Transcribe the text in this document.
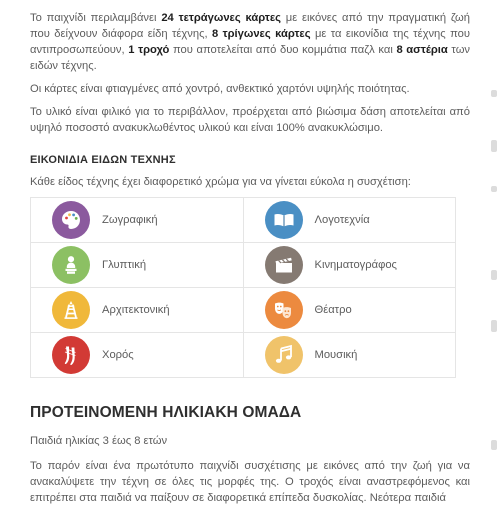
Το παιχνίδι περιλαμβάνει 24 τετράγωνες κάρτες με εικόνες από την πραγματική ζωή που δείχνουν διάφορα είδη τέχνης, 8 τρίγωνες κάρτες με τα εικονίδια της τέχνης που αντιπροσωπεύουν, 1 τροχό που αποτελείται από δυο κομμάτια παζλ και 8 αστέρια των ειδών τέχνης.

Οι κάρτες είναι φτιαγμένες από χοντρό, ανθεκτικό χαρτόνι υψηλής ποιότητας.

Το υλικό είναι φιλικό για το περιβάλλον, προέρχεται από βιώσιμα δάση αποτελείται από υψηλό ποσοστό ανακυκλωθέντος υλικού και είναι 100% ανακυκλώσιμο.

ΕΙΚΟΝΙΔΙΑ ΕΙΔΩΝ ΤΕΧΝΗΣ

Κάθε είδος τέχνης έχει διαφορετικό χρώμα για να γίνεται εύκολα η συσχέτιση:

Ζωγραφική	Λογοτεχνία

Γλυπτική	Κινηματογράφος

Αρχιτεκτονική	Θέατρο

Χορός	Μουσική
ΠΡΟΤΕΙΝΟΜΕΝΗ ΗΛΙΚΙΑΚΗ ΟΜΑΔΑ

Παιδιά ηλικίας 3 έως 8 ετών

Το παρόν είναι ένα πρωτότυπο παιχνίδι συσχέτισης με εικόνες από την ζωή για να ανακαλύψετε την τέχνη σε όλες τις μορφές της. Ο τροχός είναι αναστρεφόμενος και επιτρέπει στα παιδιά να παίξουν σε διαφορετικά επίπεδα δυσκολίας. Νεότερα παιδιά
